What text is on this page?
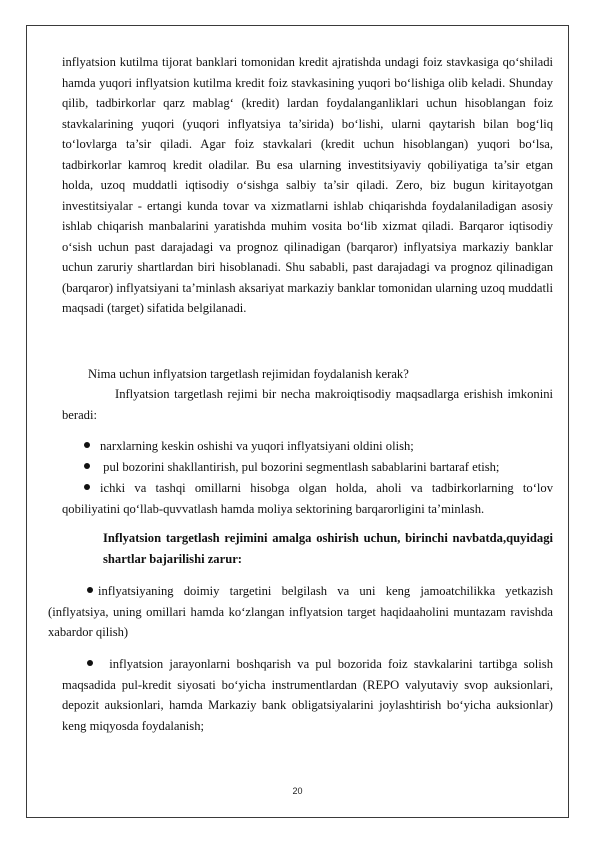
inflyatsion kutilma tijorat banklari tomonidan kredit ajratishda undagi foiz stavkasiga qo‘shiladi hamda yuqori inflyatsion kutilma kredit foiz stavkasining yuqori bo‘lishiga olib keladi. Shunday qilib, tadbirkorlar qarz mablag‘ (kredit) lardan foydalanganliklari uchun hisoblangan foiz stavkalarining yuqori (yuqori inflyatsiya ta’sirida) bo‘lishi, ularni qaytarish bilan bog‘liq to‘lovlarga ta’sir qiladi. Agar foiz stavkalari (kredit uchun hisoblangan) yuqori bo‘lsa, tadbirkorlar kamroq kredit oladilar. Bu esa ularning investitsiyaviy qobiliyatiga ta’sir etgan holda, uzoq muddatli iqtisodiy o‘sishga salbiy ta’sir qiladi. Zero, biz bugun kiritayotgan investitsiyalar - ertangi kunda tovar va xizmatlarni ishlab chiqarishda foydalaniladigan asosiy ishlab chiqarish manbalarini yaratishda muhim vosita bo‘lib xizmat qiladi. Barqaror iqtisodiy o‘sish uchun past darajadagi va prognoz qilinadigan (barqaror) inflyatsiya markaziy banklar uchun zaruriy shartlardan biri hisoblanadi. Shu sababli, past darajadagi va prognoz qilinadigan (barqaror) inflyatsiyani ta’minlash aksariyat markaziy banklar tomonidan ularning uzoq muddatli maqsadi (target) sifatida belgilanadi.

Nima uchun inflyatsion targetlash rejimidan foydalanish kerak?

Inflyatsion targetlash rejimi bir necha makroiqtisodiy maqsadlarga erishish imkonini beradi:

narxlarning keskin oshishi va yuqori inflyatsiyani oldini olish;

pul bozorini shakllantirish, pul bozorini segmentlash sabablarini bartaraf etish;

ichki va tashqi omillarni hisobga olgan holda, aholi va tadbirkorlarning to‘lov qobiliyatini qo‘llab-quvvatlash hamda moliya sektorining barqarorligini ta’minlash.

Inflyatsion targetlash rejimini amalga oshirish uchun, birinchi navbatda,quyidagi shartlar bajarilishi zarur:

inflyatsiyaning doimiy targetini belgilash va uni keng jamoatchilikka yetkazish (inflyatsiya, uning omillari hamda ko‘zlangan inflyatsion target haqidaaholini muntazam ravishda xabardor qilish)

inflyatsion jarayonlarni boshqarish va pul bozorida foiz stavkalarini tartibga solish maqsadida pul-kredit siyosati bo‘yicha instrumentlardan (REPO valyutaviy svop auksionlari, depozit auksionlari, hamda Markaziy bank obligatsiyalarini joylashtirish bo‘yicha auksionlar) keng miqyosda foydalanish;

20
